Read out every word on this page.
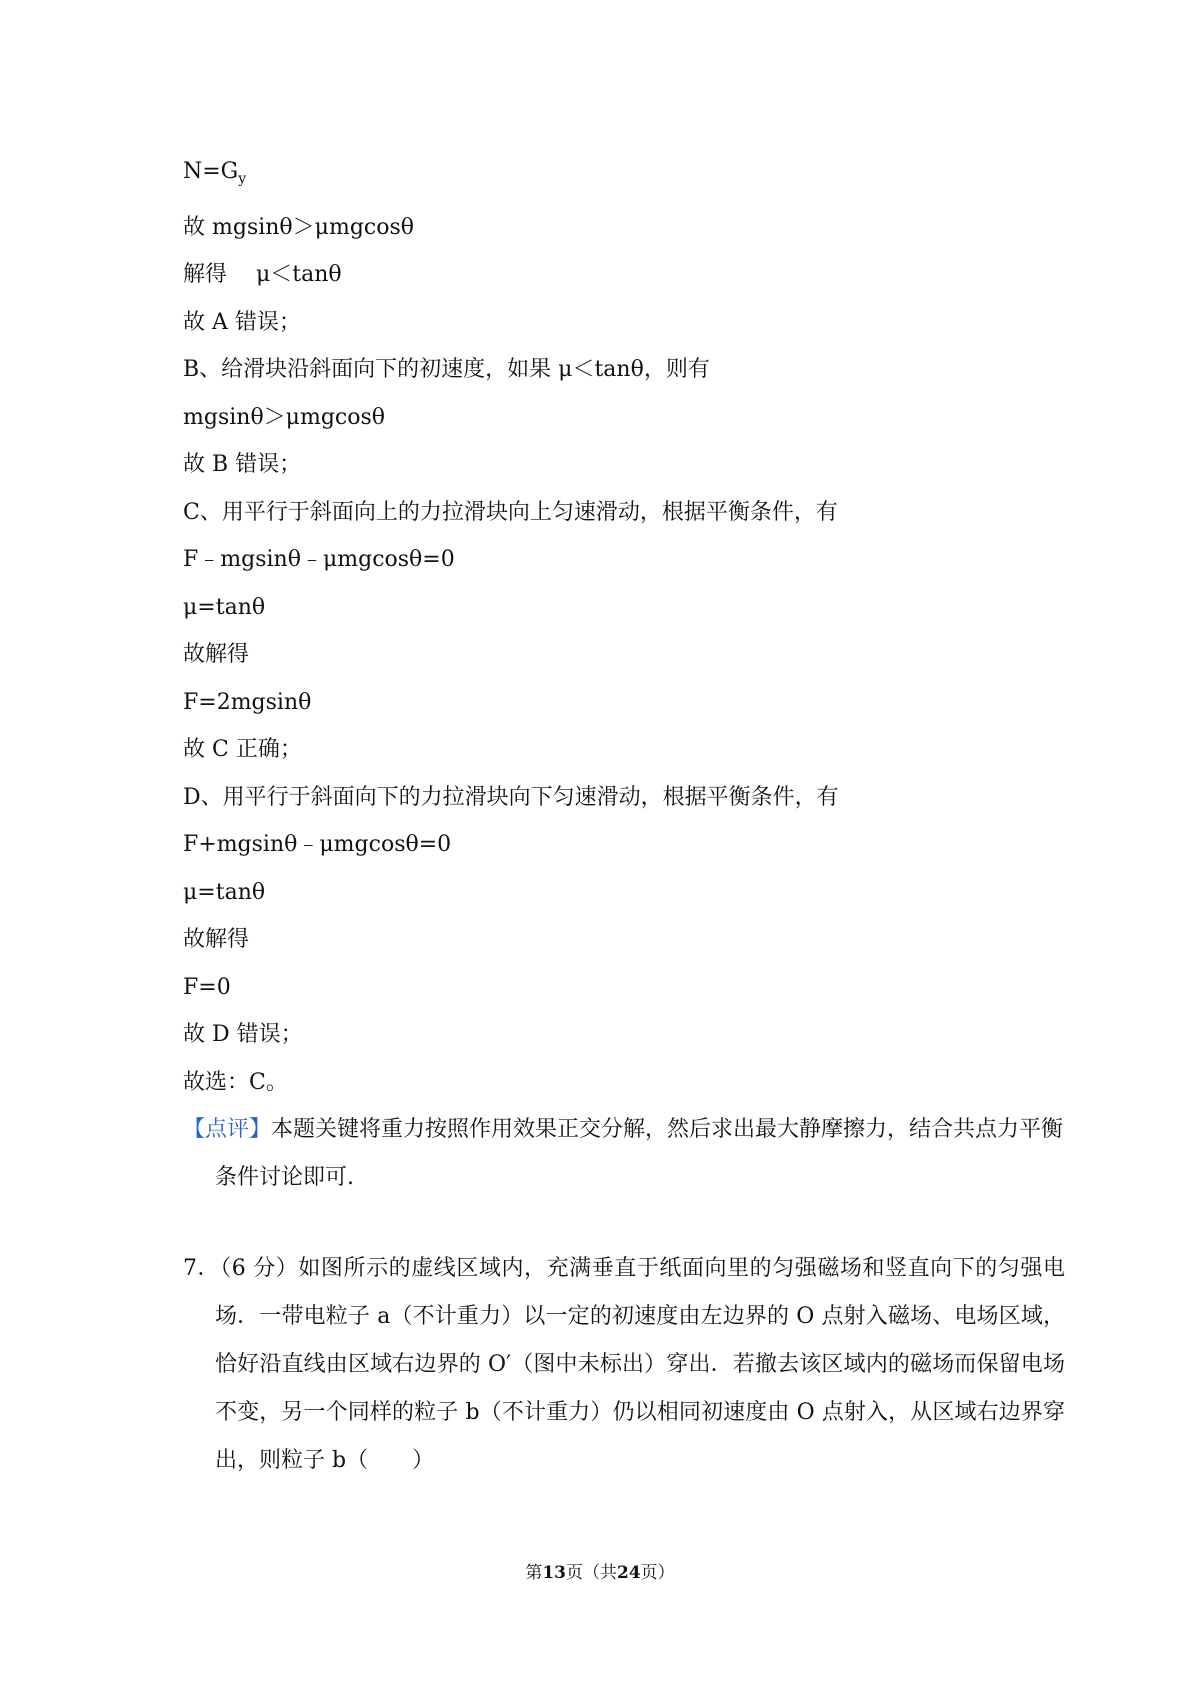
$N=G_y$
故 mgsinθ＞μmgcosθ
解得　 μ＜tanθ
故 A 错误；
B、给滑块沿斜面向下的初速度，如果 μ＜tanθ，则有
mgsinθ＞μmgcosθ
故 B 错误；
C、用平行于斜面向上的力拉滑块向上匀速滑动，根据平衡条件，有
F﹣mgsinθ﹣μmgcosθ=0
μ=tanθ
故解得
F=2mgsinθ
故 C 正确；
D、用平行于斜面向下的力拉滑块向下匀速滑动，根据平衡条件，有
F+mgsinθ﹣μmgcosθ=0
μ=tanθ
故解得
F=0
故 D 错误；
故选：C。
【点评】本题关键将重力按照作用效果正交分解，然后求出最大静摩擦力，结合共点力平衡条件讨论即可.
7．（6 分）如图所示的虚线区域内，充满垂直于纸面向里的匀强磁场和竖直向下的匀强电场．一带电粒子 a（不计重力）以一定的初速度由左边界的 O 点射入磁场、电场区域，恰好沿直线由区域右边界的 O′（图中未标出）穿出．若撤去该区域内的磁场而保留电场不变，另一个同样的粒子 b（不计重力）仍以相同初速度由 O 点射入，从区域右边界穿出，则粒子 b（　　）
第13页（共24页）
